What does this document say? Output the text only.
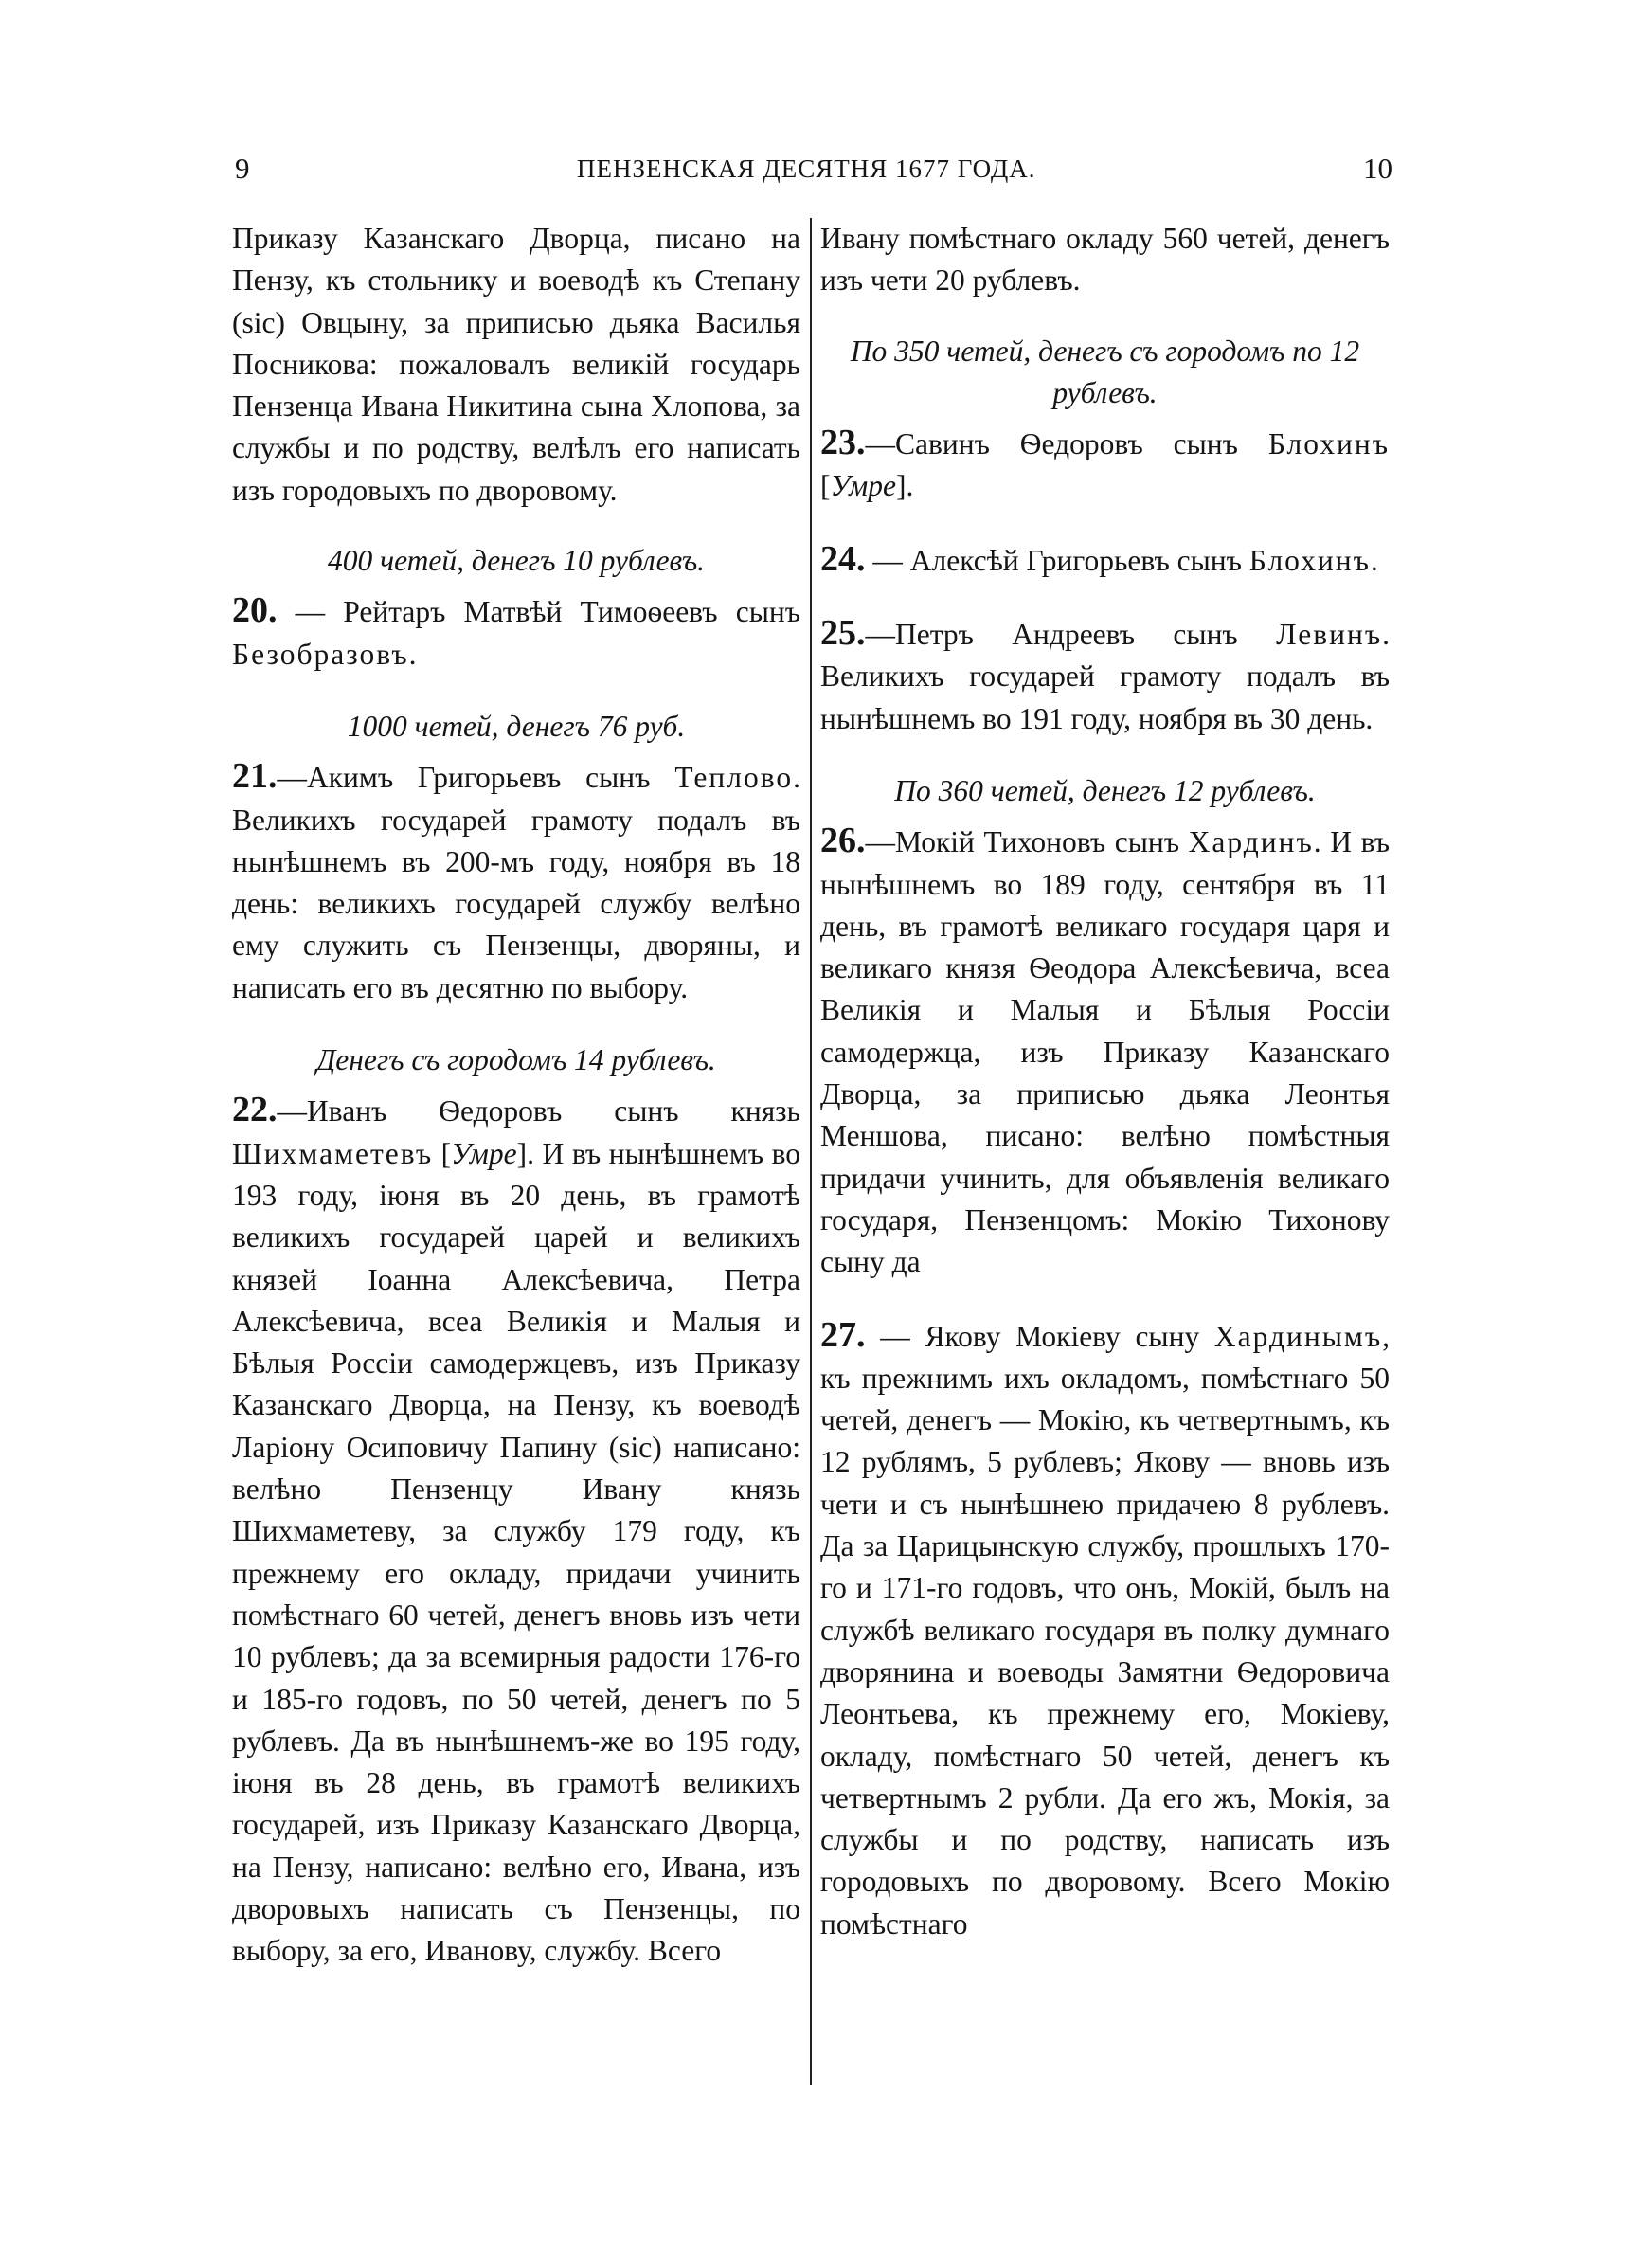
9	ПЕНЗЕНСКАЯ ДЕСЯТНЯ 1677 ГОДА.	10

Приказу Казанскаго Дворца, писано на Пензу, къ стольнику и воеводѣ къ Степану (sic) Овцыну, за приписью дьяка Василья Посникова: пожаловалъ великій государь Пензенца Ивана Никитина сына Хлопова, за службы и по родству, велѣлъ его написать изъ городовыхъ по дворовому.

400 четей, денегъ 10 рублевъ.

20. — Рейтаръ Матвѣй Тимоѳеевъ сынъ Безобразовъ.

1000 четей, денегъ 76 руб.

21.—Акимъ Григорьевъ сынъ Теплово. Великихъ государей грамоту подалъ въ нынѣшнемъ въ 200-мъ году, ноября въ 18 день: великихъ государей службу велѣно ему служить съ Пензенцы, дворяны, и написать его въ десятню по выбору.

Денегъ съ городомъ 14 рублевъ.

22.—Иванъ Ѳедоровъ сынъ князь Шихмаметевъ [Умре]. И въ нынѣшнемъ во 193 году, іюня въ 20 день, въ грамотѣ великихъ государей царей и великихъ князей Іоанна Алексѣевича, Петра Алексѣевича, всеа Великія и Малыя и Бѣлыя Россіи самодержцевъ, изъ Приказу Казанскаго Дворца, на Пензу, къ воеводѣ Ларіону Осиповичу Папину (sic) написано: велѣно Пензенцу Ивану князь Шихмаметеву, за службу 179 году, къ прежнему его окладу, придачи учинить помѣстнаго 60 четей, денегъ вновь изъ чети 10 рублевъ; да за всемирныя радости 176-го и 185-го годовъ, по 50 четей, денегъ по 5 рублевъ. Да въ нынѣшнемъ-же во 195 году, іюня въ 28 день, въ грамотѣ великихъ государей, изъ Приказу Казанскаго Дворца, на Пензу, написано: велѣно его, Ивана, изъ дворовыхъ написать съ Пензенцы, по выбору, за его, Иванову, службу. Всего

Ивану помѣстнаго окладу 560 четей, денегъ изъ чети 20 рублевъ.

По 350 четей, денегъ съ городомъ по 12 рублевъ.

23.—Савинъ Ѳедоровъ сынъ Блохинъ [Умре].

24. — Алексѣй Григорьевъ сынъ Блохинъ.

25.—Петръ Андреевъ сынъ Левинъ. Великихъ государей грамоту подалъ въ нынѣшнемъ во 191 году, ноября въ 30 день.

По 360 четей, денегъ 12 рублевъ.

26.—Мокій Тихоновъ сынъ Хардинъ. И въ нынѣшнемъ во 189 году, сентября въ 11 день, въ грамотѣ великаго государя царя и великаго князя Ѳеодора Алексѣевича, всеа Великія и Малыя и Бѣлыя Россіи самодержца, изъ Приказу Казанскаго Дворца, за приписью дьяка Леонтья Меншова, писано: велѣно помѣстныя придачи учинить, для объявленія великаго государя, Пензенцомъ: Мокію Тихонову сыну да

27. — Якову Мокіеву сыну Хардинымъ, къ прежнимъ ихъ окладомъ, помѣстнаго 50 четей, денегъ — Мокію, къ четвертнымъ, къ 12 рублямъ, 5 рублевъ; Якову — вновь изъ чети и съ нынѣшнею придачею 8 рублевъ. Да за Царицынскую службу, прошлыхъ 170-го и 171-го годовъ, что онъ, Мокій, былъ на службѣ великаго государя въ полку думнаго дворянина и воеводы Замятни Ѳедоровича Леонтьева, къ прежнему его, Мокіеву, окладу, помѣстнаго 50 четей, денегъ къ четвертнымъ 2 рубли. Да его жъ, Мокія, за службы и по родству, написать изъ городовыхъ по дворовому. Всего Мокію помѣстнаго
